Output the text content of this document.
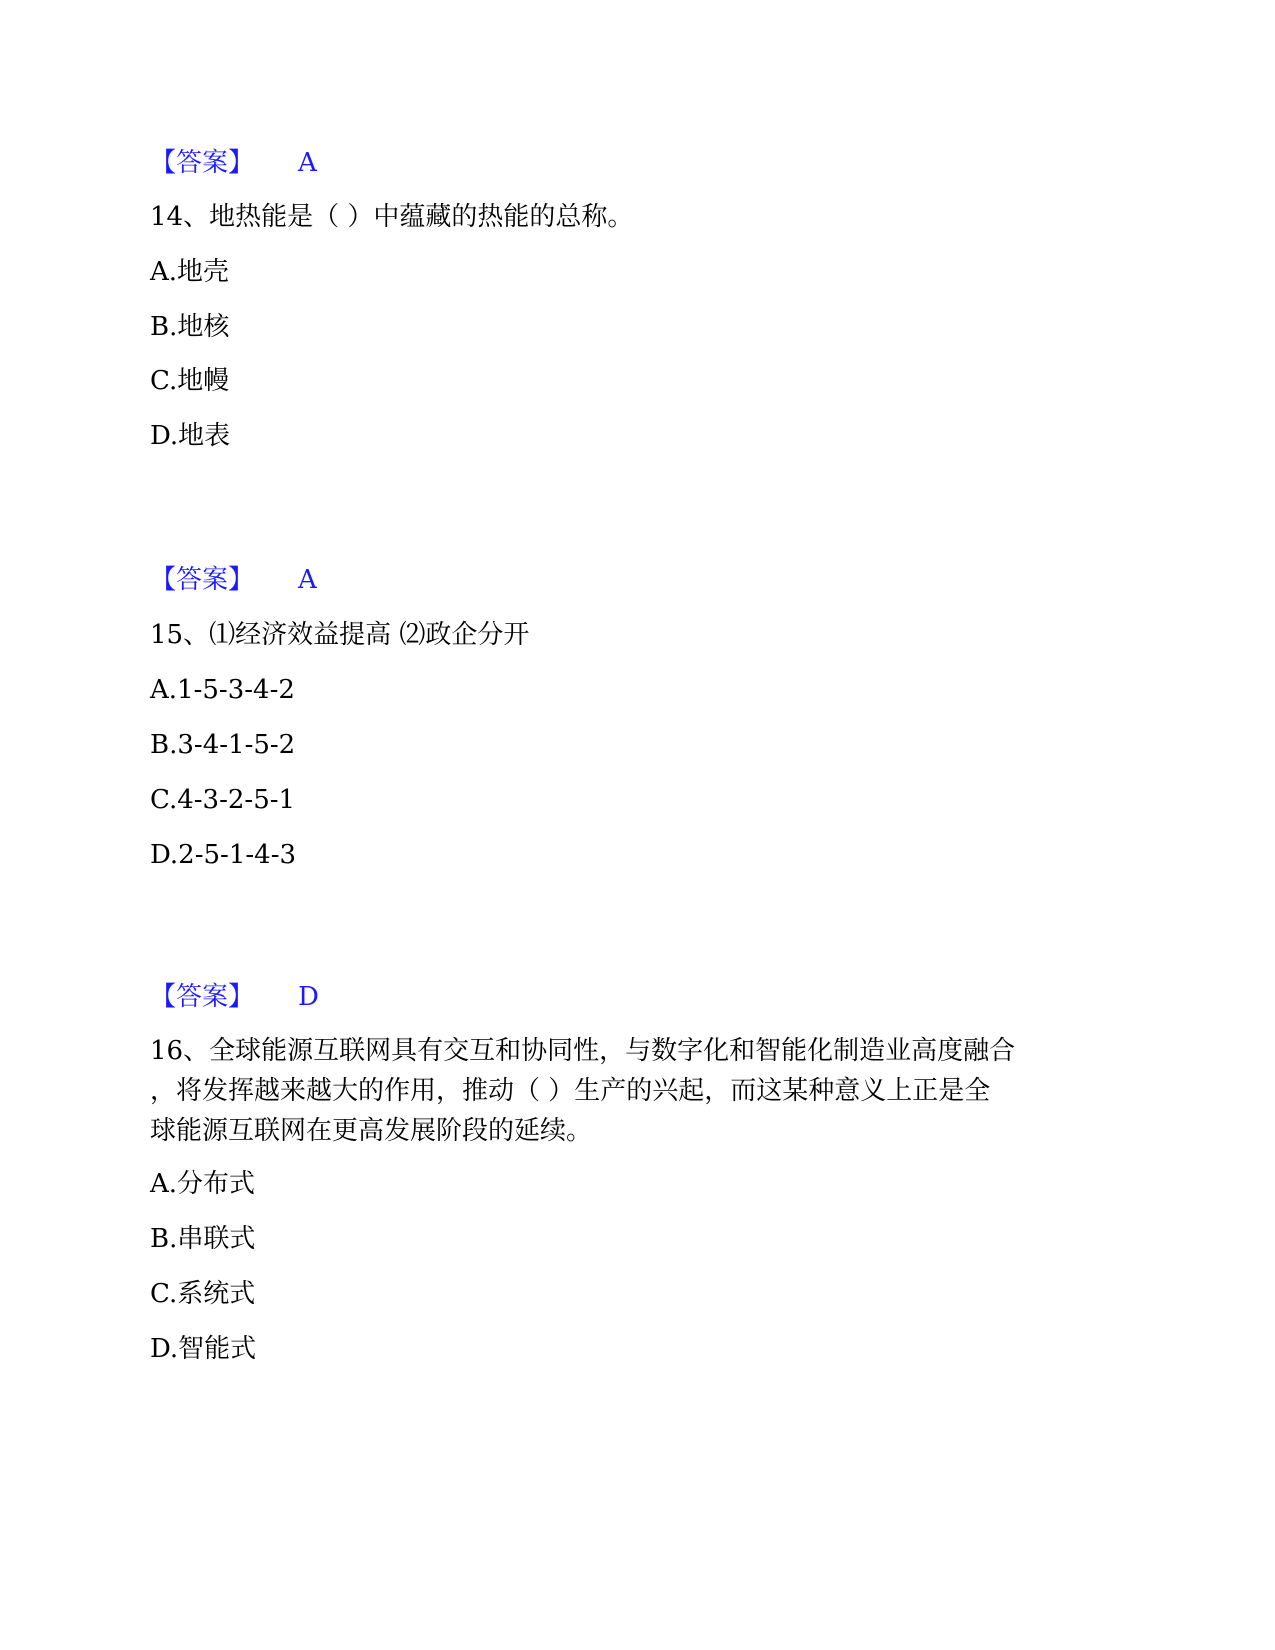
【答案】 A
14、地热能是（ ）中蕴藏的热能的总称。
A.地壳
B.地核
C.地幔
D.地表
【答案】 A
15、⑴经济效益提高 ⑵政企分开
A.1-5-3-4-2
B.3-4-1-5-2
C.4-3-2-5-1
D.2-5-1-4-3
【答案】 D
16、全球能源互联网具有交互和协同性，与数字化和智能化制造业高度融合
，将发挥越来越大的作用，推动（ ）生产的兴起，而这某种意义上正是全
球能源互联网在更高发展阶段的延续。
A.分布式
B.串联式
C.系统式
D.智能式
